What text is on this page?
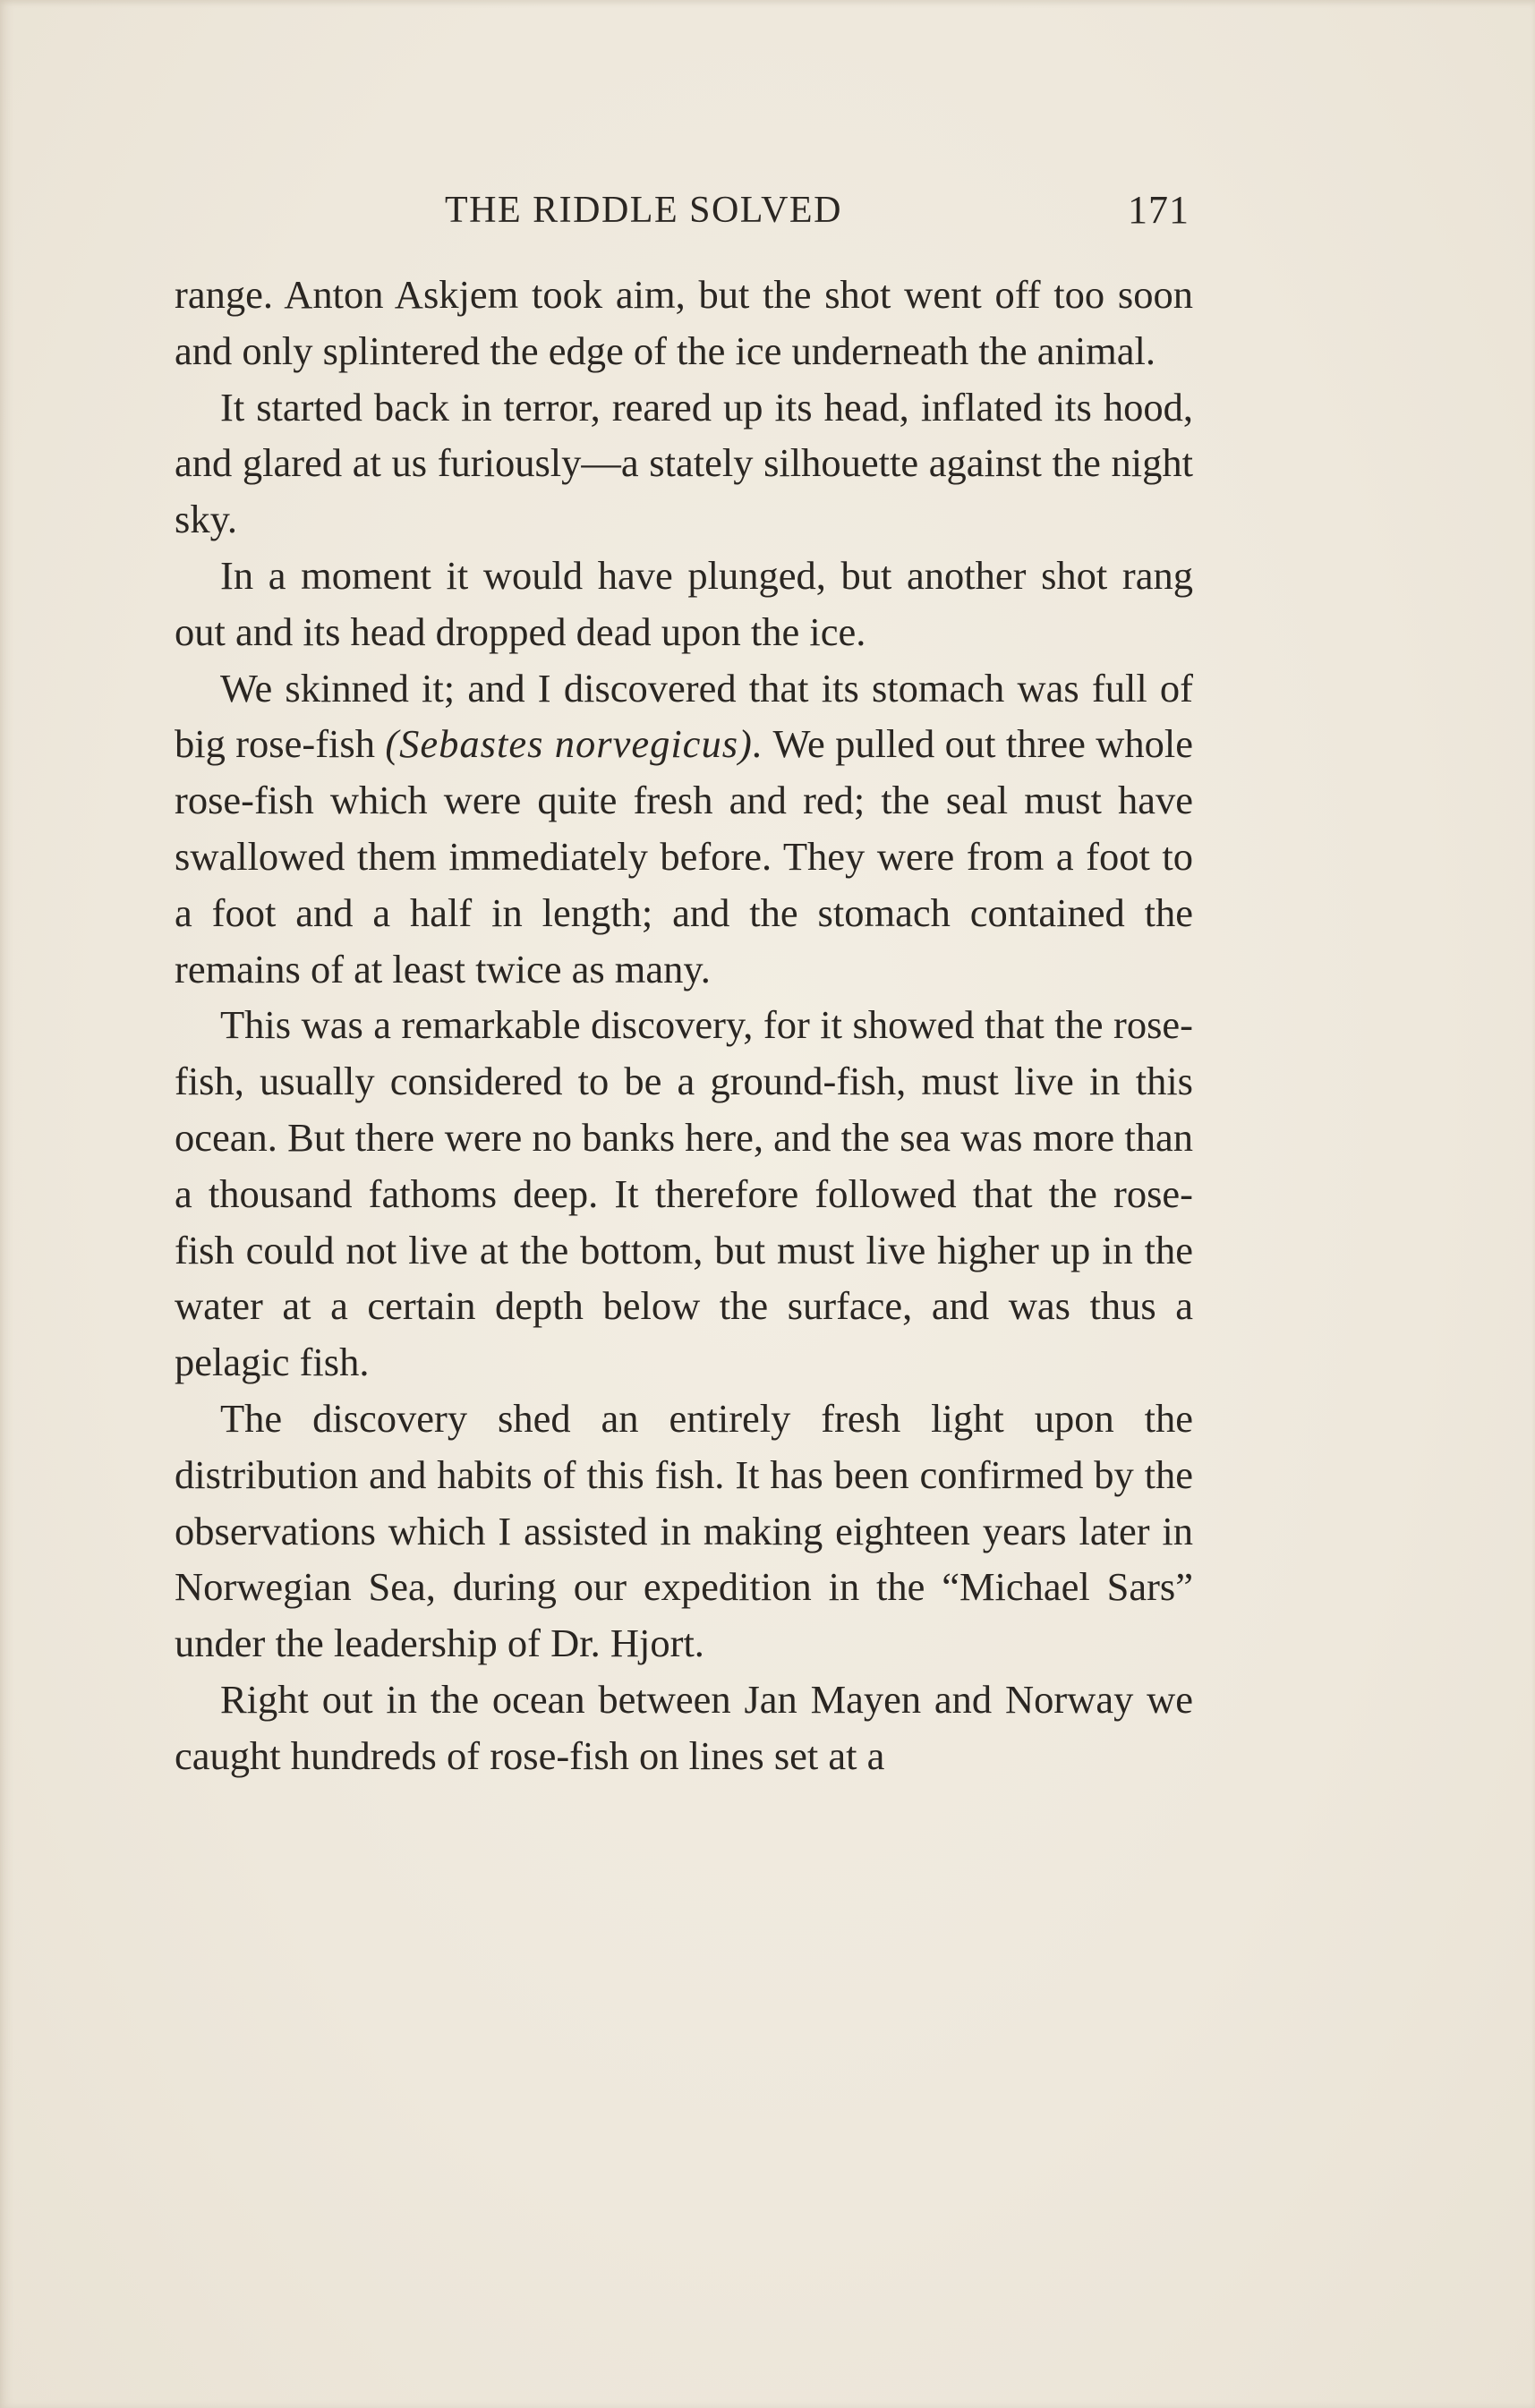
THE RIDDLE SOLVED	171

range. Anton Askjem took aim, but the shot went off too soon and only splintered the edge of the ice underneath the animal.

It started back in terror, reared up its head, inflated its hood, and glared at us furiously—a stately silhouette against the night sky.

In a moment it would have plunged, but another shot rang out and its head dropped dead upon the ice.

We skinned it; and I discovered that its stomach was full of big rose-fish (Sebastes norvegicus). We pulled out three whole rose-fish which were quite fresh and red; the seal must have swallowed them immediately before. They were from a foot to a foot and a half in length; and the stomach contained the remains of at least twice as many.

This was a remarkable discovery, for it showed that the rose-fish, usually considered to be a ground-fish, must live in this ocean. But there were no banks here, and the sea was more than a thousand fathoms deep. It therefore followed that the rose-fish could not live at the bottom, but must live higher up in the water at a certain depth below the surface, and was thus a pelagic fish.

The discovery shed an entirely fresh light upon the distribution and habits of this fish. It has been confirmed by the observations which I assisted in making eighteen years later in Norwegian Sea, during our expedition in the “Michael Sars” under the leadership of Dr. Hjort.

Right out in the ocean between Jan Mayen and Norway we caught hundreds of rose-fish on lines set at a
